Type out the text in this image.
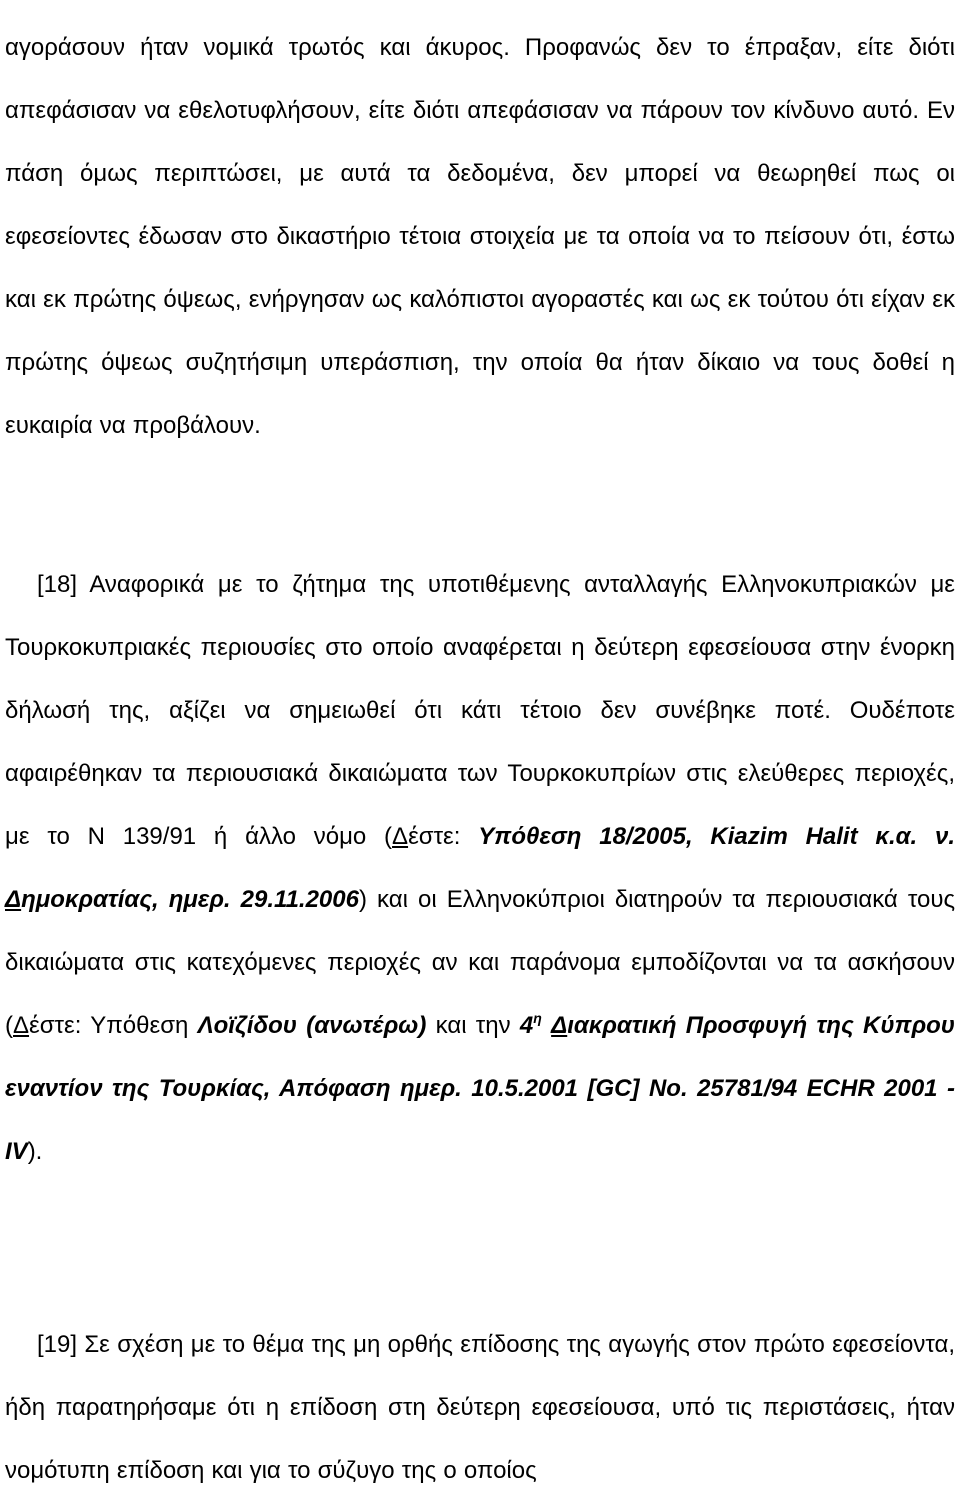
αγοράσουν ήταν νομικά τρωτός και άκυρος. Προφανώς δεν το έπραξαν, είτε διότι απεφάσισαν να εθελοτυφλήσουν, είτε διότι απεφάσισαν να πάρουν τον κίνδυνο αυτό. Εν πάση όμως περιπτώσει, με αυτά τα δεδομένα, δεν μπορεί να θεωρηθεί πως οι εφεσείοντες έδωσαν στο δικαστήριο τέτοια στοιχεία με τα οποία να το πείσουν ότι, έστω και εκ πρώτης όψεως, ενήργησαν ως καλόπιστοι αγοραστές και ως εκ τούτου ότι είχαν εκ πρώτης όψεως συζητήσιμη υπεράσπιση, την οποία θα ήταν δίκαιο να τους δοθεί η ευκαιρία να προβάλουν.

[18] Αναφορικά με το ζήτημα της υποτιθέμενης ανταλλαγής Ελληνοκυπριακών με Τουρκοκυπριακές περιουσίες στο οποίο αναφέρεται η δεύτερη εφεσείουσα στην ένορκη δήλωσή της, αξίζει να σημειωθεί ότι κάτι τέτοιο δεν συνέβηκε ποτέ. Ουδέποτε αφαιρέθηκαν τα περιουσιακά δικαιώματα των Τουρκοκυπρίων στις ελεύθερες περιοχές, με το Ν 139/91 ή άλλο νόμο (Δέστε: Υπόθεση 18/2005, Kiazim Halit κ.α. ν. Δημοκρατίας, ημερ. 29.11.2006) και οι Ελληνοκύπριοι διατηρούν τα περιουσιακά τους δικαιώματα στις κατεχόμενες περιοχές αν και παράνομα εμποδίζονται να τα ασκήσουν (Δέστε: Υπόθεση Λοϊζίδου (ανωτέρω) και την $4^\eta$ Διακρατική Προσφυγή της Κύπρου εναντίον της Τουρκίας, Απόφαση ημερ. 10.5.2001 [GC] No. 25781/94 ECHR 2001 - IV).

[19] Σε σχέση με το θέμα της μη ορθής επίδοσης της αγωγής στον πρώτο εφεσείοντα, ήδη παρατηρήσαμε ότι η επίδοση στη δεύτερη εφεσείουσα, υπό τις περιστάσεις, ήταν νομότυπη επίδοση και για το σύζυγο της ο οποίος
